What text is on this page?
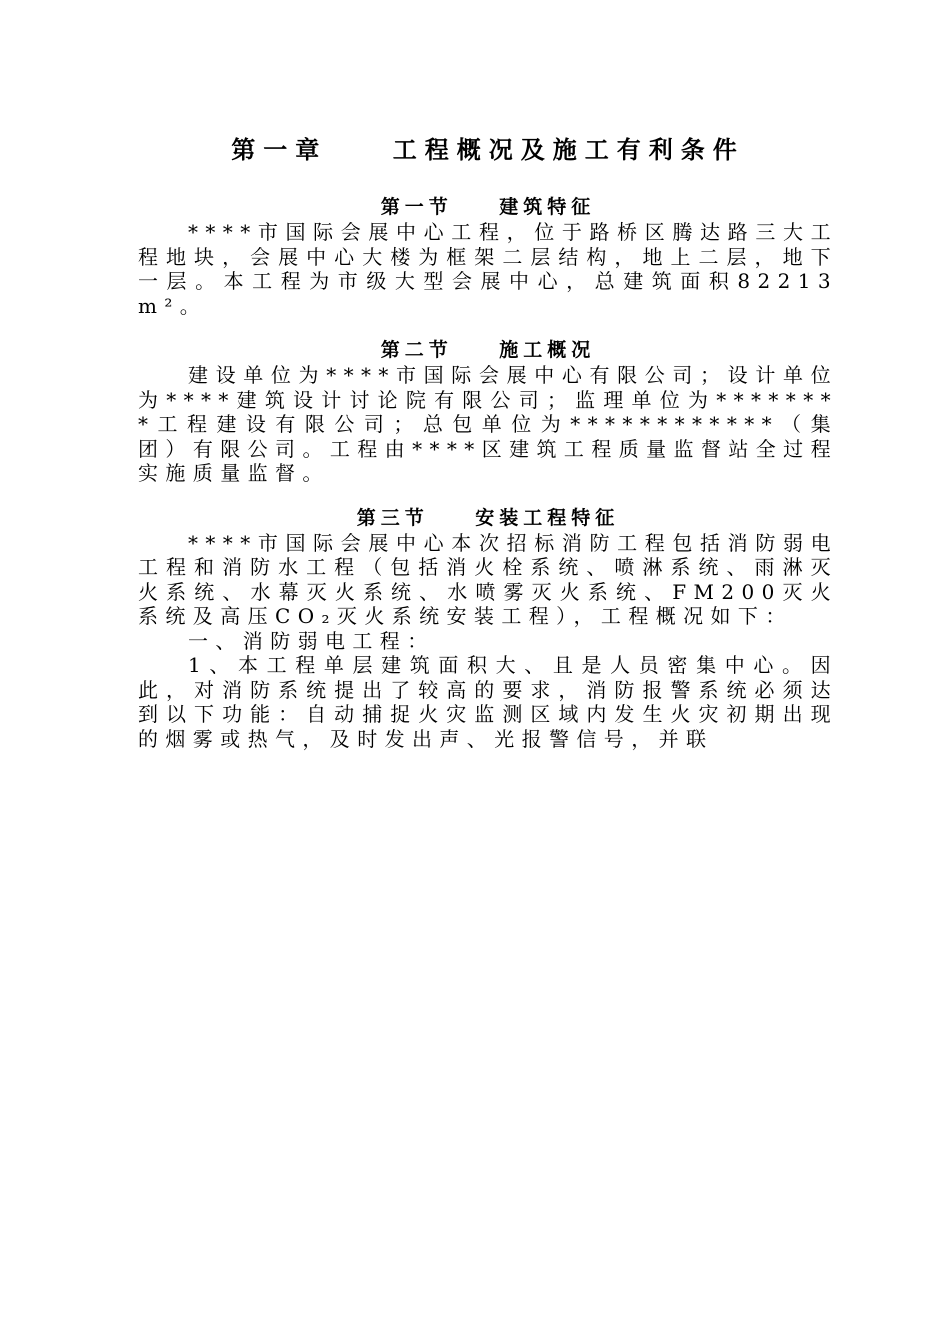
第一章    工程概况及施工有利条件
第一节    建筑特征

****市国际会展中心工程，位于路桥区腾达路三大工程地块，会展中心大楼为框架二层结构，地上二层，地下一层。本工程为市级大型会展中心，总建筑面积82213m²。

第二节    施工概况

建设单位为****市国际会展中心有限公司；设计单位为****建筑设计讨论院有限公司；监理单位为********工程建设有限公司；总包单位为************（集团）有限公司。工程由****区建筑工程质量监督站全过程实施质量监督。

第三节    安装工程特征

****市国际会展中心本次招标消防工程包括消防弱电工程和消防水工程（包括消火栓系统、喷淋系统、雨淋灭火系统、水幕灭火系统、水喷雾灭火系统、FM200灭火系统及高压CO₂灭火系统安装工程），工程概况如下：

一、消防弱电工程：

1、本工程单层建筑面积大、且是人员密集中心。因此，对消防系统提出了较高的要求，消防报警系统必须达到以下功能：自动捕捉火灾监测区域内发生火灾初期出现的烟雾或热气，及时发出声、光报警信号，并联
